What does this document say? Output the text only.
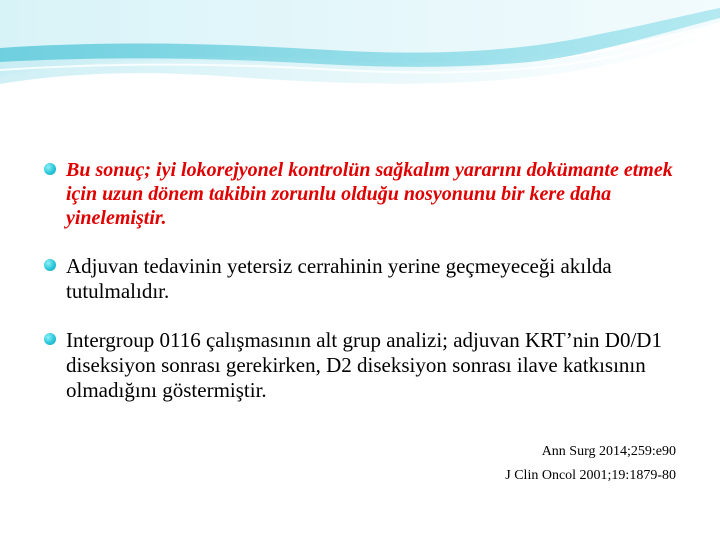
Bu sonuç; iyi lokorejyonel kontrolün sağkalım yararını dokümante etmek için uzun dönem takibin zorunlu olduğu nosyonunu bir kere daha yinelemiştir.
Adjuvan tedavinin yetersiz cerrahinin yerine geçmeyeceği akılda tutulmalıdır.
Intergroup 0116 çalışmasının alt grup analizi; adjuvan KRT’nin D0/D1 diseksiyon sonrası gerekirken, D2 diseksiyon sonrası ilave katkısının olmadığını göstermiştir.
Ann Surg 2014;259:e90
J Clin Oncol 2001;19:1879-80
